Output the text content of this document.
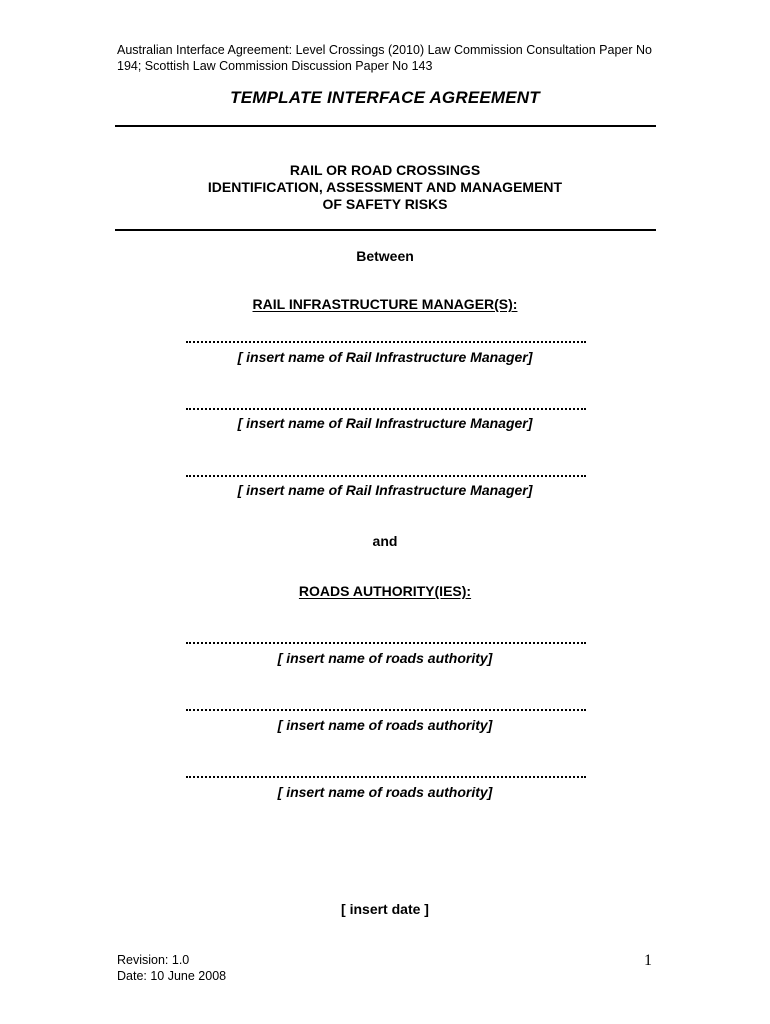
Australian Interface Agreement: Level Crossings (2010) Law Commission Consultation Paper No
194; Scottish Law Commission Discussion Paper No 143
TEMPLATE INTERFACE AGREEMENT
RAIL OR ROAD CROSSINGS
IDENTIFICATION, ASSESSMENT AND MANAGEMENT
OF SAFETY RISKS
Between
RAIL INFRASTRUCTURE MANAGER(S):
[ insert name of Rail Infrastructure Manager]
[ insert name of Rail Infrastructure Manager]
[ insert name of Rail Infrastructure Manager]
and
ROADS AUTHORITY(IES):
[ insert name of roads authority]
[ insert name of roads authority]
[ insert name of roads authority]
[ insert date ]
Revision: 1.0
Date: 10 June 2008
1
